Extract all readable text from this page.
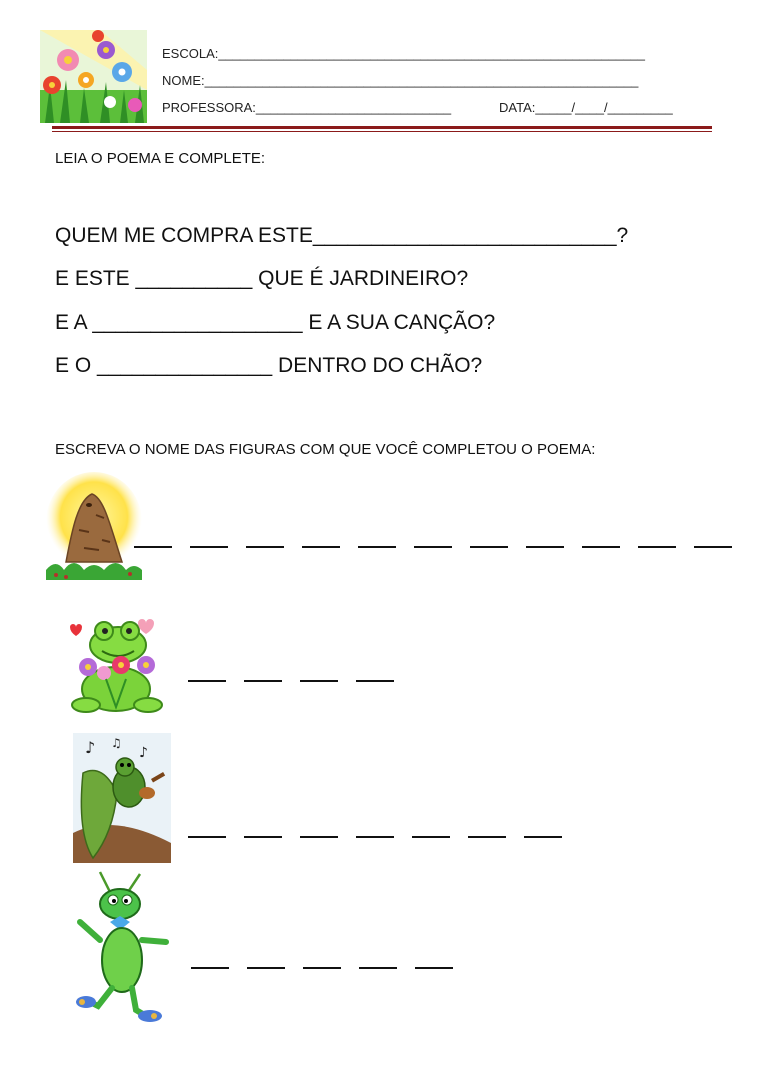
ESCOLA:___________________________________________________________
NOME:____________________________________________________________
PROFESSORA:___________________________	DATA:_____/____/_________
LEIA O POEMA E COMPLETE:
QUEM ME COMPRA ESTE__________________________?
E ESTE __________ QUE É JARDINEIRO?
E A __________________ E A SUA CANÇÃO?
E O _______________ DENTRO DO CHÃO?
ESCREVA O NOME DAS FIGURAS COM QUE VOCÊ COMPLETOU O POEMA:
♪ ♫
♪
